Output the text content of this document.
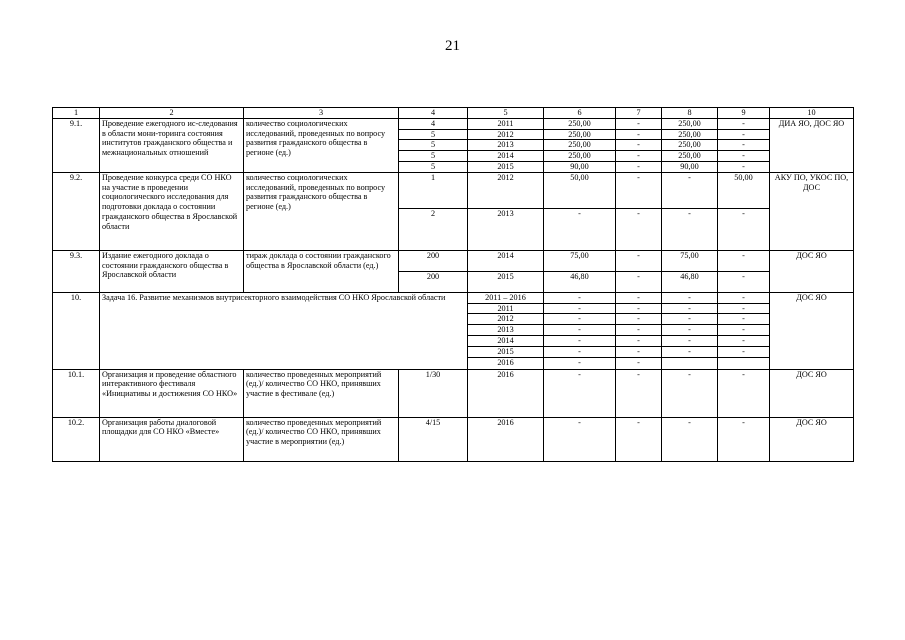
21
1	2	3	4	5	6	7	8	9	10
9.1.	Проведение ежегодного ис-следования в области мони-торинга состояния институтов гражданского общества и межнациональных отношений	количество социологических исследований, проведенных по вопросу развития гражданского общества в регионе (ед.)	4	2011	250,00	-	250,00	-	ДИА ЯО, ДОС ЯО
			5	2012	250,00	-	250,00	-	
			5	2013	250,00	-	250,00	-	
			5	2014	250,00	-	250,00	-	
			5	2015	90,00	-	90,00	-	
9.2.	Проведение конкурса среди СО НКО на участие в проведении социологического исследования для подготовки доклада о состоянии гражданского общества в Ярославской области	количество социологических исследований, проведенных по вопросу развития гражданского общества в регионе (ед.)	1	2012	50,00	-	-	50,00	АКУ ПО, УКОС ПО, ДОС
			2	2013	-	-	-	-	
9.3.	Издание ежегодного доклада о состоянии гражданского общества в Ярославской области	тираж доклада о состоянии гражданского общества в Ярославской области (ед.)	200	2014	75,00	-	75,00	-	ДОС ЯО
			200	2015	46,80	-	46,80	-	
10.	Задача 16. Развитие механизмов внутрисекторного взаимодействия СО НКО Ярославской области			2011 – 2016	-	-	-	-	ДОС ЯО
				2011	-	-	-	-	
				2012	-	-	-	-	
				2013	-	-	-	-	
				2014	-	-	-	-	
				2015	-	-	-	-	
				2016	-	-			
10.1.	Организация и проведение областного интерактивного фестиваля «Инициативы и достижения СО НКО»	количество проведенных мероприятий (ед.)/ количество СО НКО, принявших участие в фестивале (ед.)	1/30	2016	-	-	-	-	ДОС ЯО
10.2.	Организация работы диалоговой площадки для СО НКО «Вместе»	количество проведенных мероприятий (ед.)/ количество СО НКО, принявших участие в мероприятии (ед.)	4/15	2016	-	-	-	-	ДОС ЯО
